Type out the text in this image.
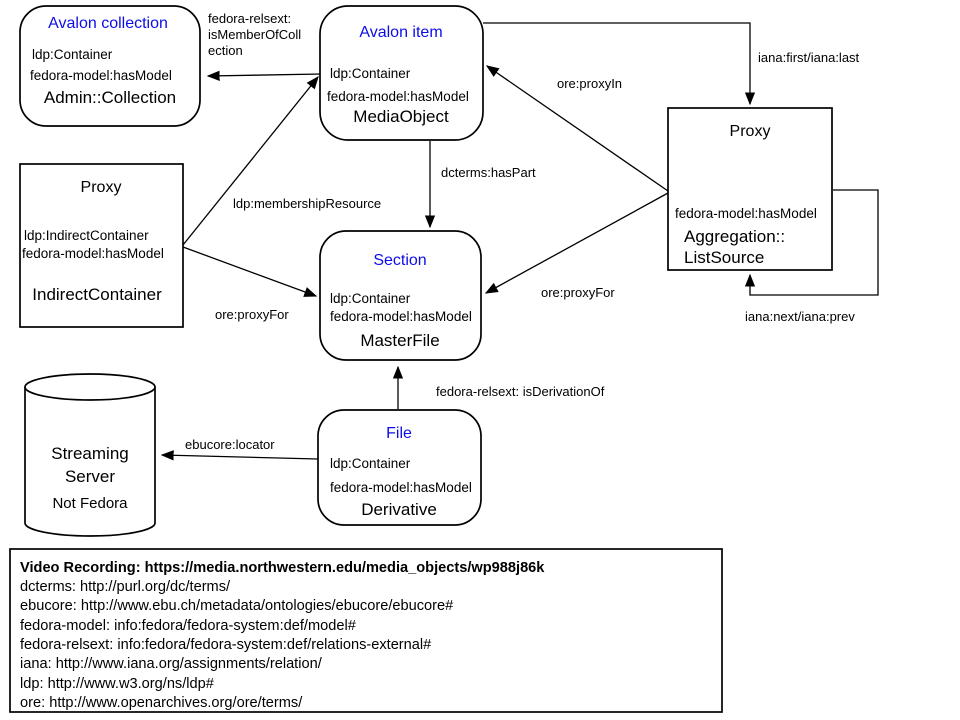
fedora-relsext:
isMemberOfColl
ection
ldp:membershipResource
ore:proxyFor
dcterms:hasPart
iana:first/iana:last
ore:proxyIn
ore:proxyFor
iana:next/iana:prev
fedora-relsext: isDerivationOf
ebucore:locator
Avalon collection
ldp:Container
fedora-model:hasModel
Admin::Collection
Avalon item
ldp:Container
fedora-model:hasModel
MediaObject
Proxy
fedora-model:hasModel
Aggregation::
ListSource
Proxy
ldp:IndirectContainer
fedora-model:hasModel
IndirectContainer
Section
ldp:Container
fedora-model:hasModel
MasterFile
File
ldp:Container
fedora-model:hasModel
Derivative
Streaming
Server
Not Fedora
Video Recording: https://media.northwestern.edu/media_objects/wp988j86k
dcterms: http://purl.org/dc/terms/
ebucore: http://www.ebu.ch/metadata/ontologies/ebucore/ebucore#
fedora-model: info:fedora/fedora-system:def/model#
fedora-relsext: info:fedora/fedora-system:def/relations-external#
iana: http://www.iana.org/assignments/relation/
ldp: http://www.w3.org/ns/ldp#
ore: http://www.openarchives.org/ore/terms/
